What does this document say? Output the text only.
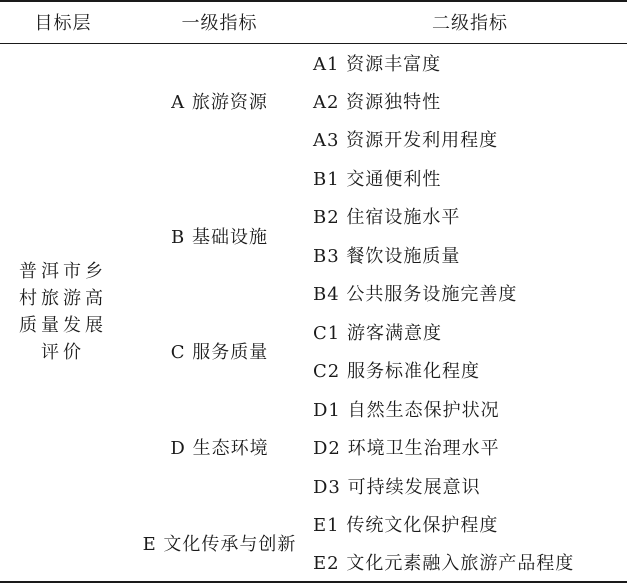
目标层	一级指标	二级指标
普洱市乡村旅游高质量发展评价	A 旅游资源	A1 资源丰富度
		A2 资源独特性
		A3 资源开发利用程度
	B 基础设施	B1 交通便利性
		B2 住宿设施水平
		B3 餐饮设施质量
		B4 公共服务设施完善度
	C 服务质量	C1 游客满意度
		C2 服务标准化程度
	D 生态环境	D1 自然生态保护状况
		D2 环境卫生治理水平
		D3 可持续发展意识
	E 文化传承与创新	E1 传统文化保护程度
		E2 文化元素融入旅游产品程度
